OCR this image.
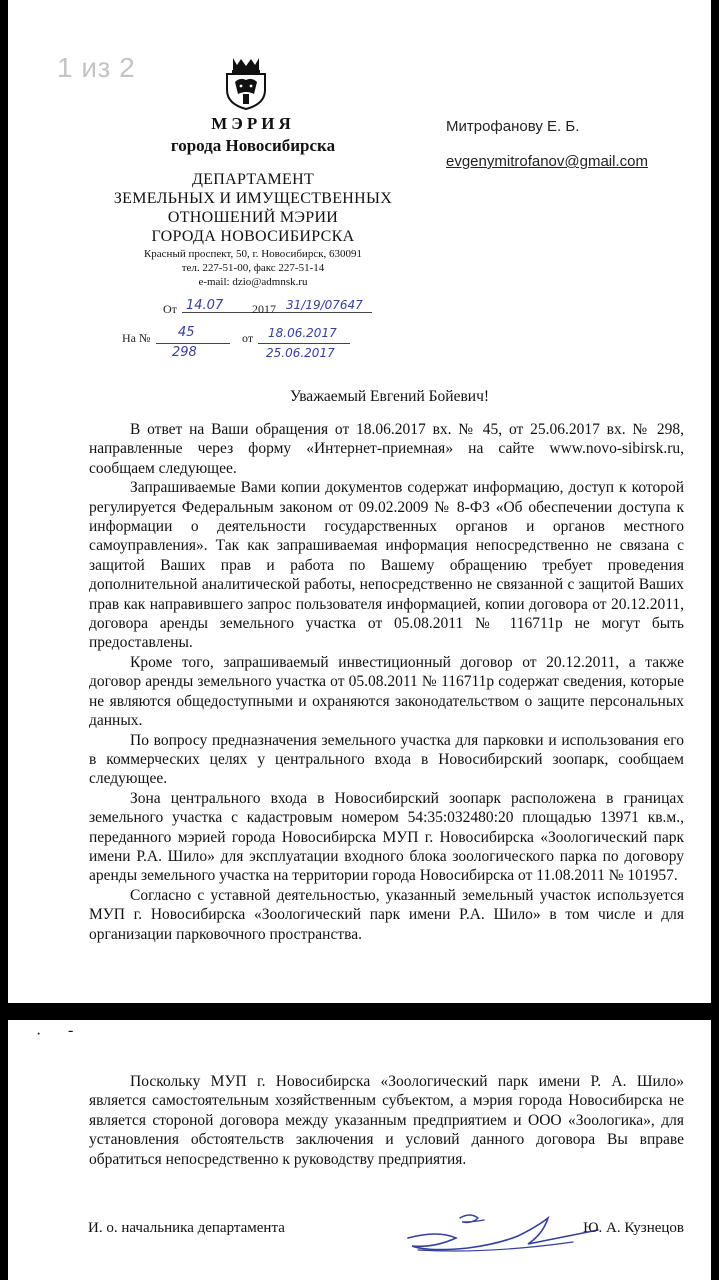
1 из 2
МЭРИЯ
города Новосибирска
ДЕПАРТАМЕНТ
ЗЕМЕЛЬНЫХ И ИМУЩЕСТВЕННЫХ
ОТНОШЕНИЙ МЭРИИ
ГОРОДА НОВОСИБИРСКА
Красный проспект, 50, г. Новосибирск, 630091
тел. 227-51-00, факс 227-51-14
e-mail: dzio@admnsk.ru
От 14.07 2017 31/19/07647
На № 45
298
от 18.06.2017
25.06.2017
Митрофанову Е. Б.
evgenymitrofanov@gmail.com
Уважаемый Евгений Бойевич!

В ответ на Ваши обращения от 18.06.2017 вх. № 45, от 25.06.2017 вх. № 298, направленные через форму «Интернет-приемная» на сайте www.novo-sibirsk.ru, сообщаем следующее.

Запрашиваемые Вами копии документов содержат информацию, доступ к которой регулируется Федеральным законом от 09.02.2009 № 8-ФЗ «Об обеспечении доступа к информации о деятельности государственных органов и органов местного самоуправления». Так как запрашиваемая информация непосредственно не связана с защитой Ваших прав и работа по Вашему обращению требует проведения дополнительной аналитической работы, непосредственно не связанной с защитой Ваших прав как направившего запрос пользователя информацией, копии договора от 20.12.2011, договора аренды земельного участка от 05.08.2011 № 116711р не могут быть предоставлены.

Кроме того, запрашиваемый инвестиционный договор от 20.12.2011, а также договор аренды земельного участка от 05.08.2011 № 116711р содержат сведения, которые не являются общедоступными и охраняются законодательством о защите персональных данных.

По вопросу предназначения земельного участка для парковки и использования его в коммерческих целях у центрального входа в Новосибирский зоопарк, сообщаем следующее.

Зона центрального входа в Новосибирский зоопарк расположена в границах земельного участка с кадастровым номером 54:35:032480:20 площадью 13971 кв.м., переданного мэрией города Новосибирска МУП г. Новосибирска «Зоологический парк имени Р.А. Шило» для эксплуатации входного блока зоологического парка по договору аренды земельного участка на территории города Новосибирска от 11.08.2011 № 101957.

Согласно с уставной деятельностью, указанный земельный участок используется МУП г. Новосибирска «Зоологический парк имени Р.А. Шило» в том числе и для организации парковочного пространства.

· -

Поскольку МУП г. Новосибирска «Зоологический парк имени Р. А. Шило» является самостоятельным хозяйственным субъектом, а мэрия города Новосибирска не является стороной договора между указанным предприятием и ООО «Зоологика», для установления обстоятельств заключения и условий данного договора Вы вправе обратиться непосредственно к руководству предприятия.

И. о. начальника департамента	Ю. А. Кузнецов
